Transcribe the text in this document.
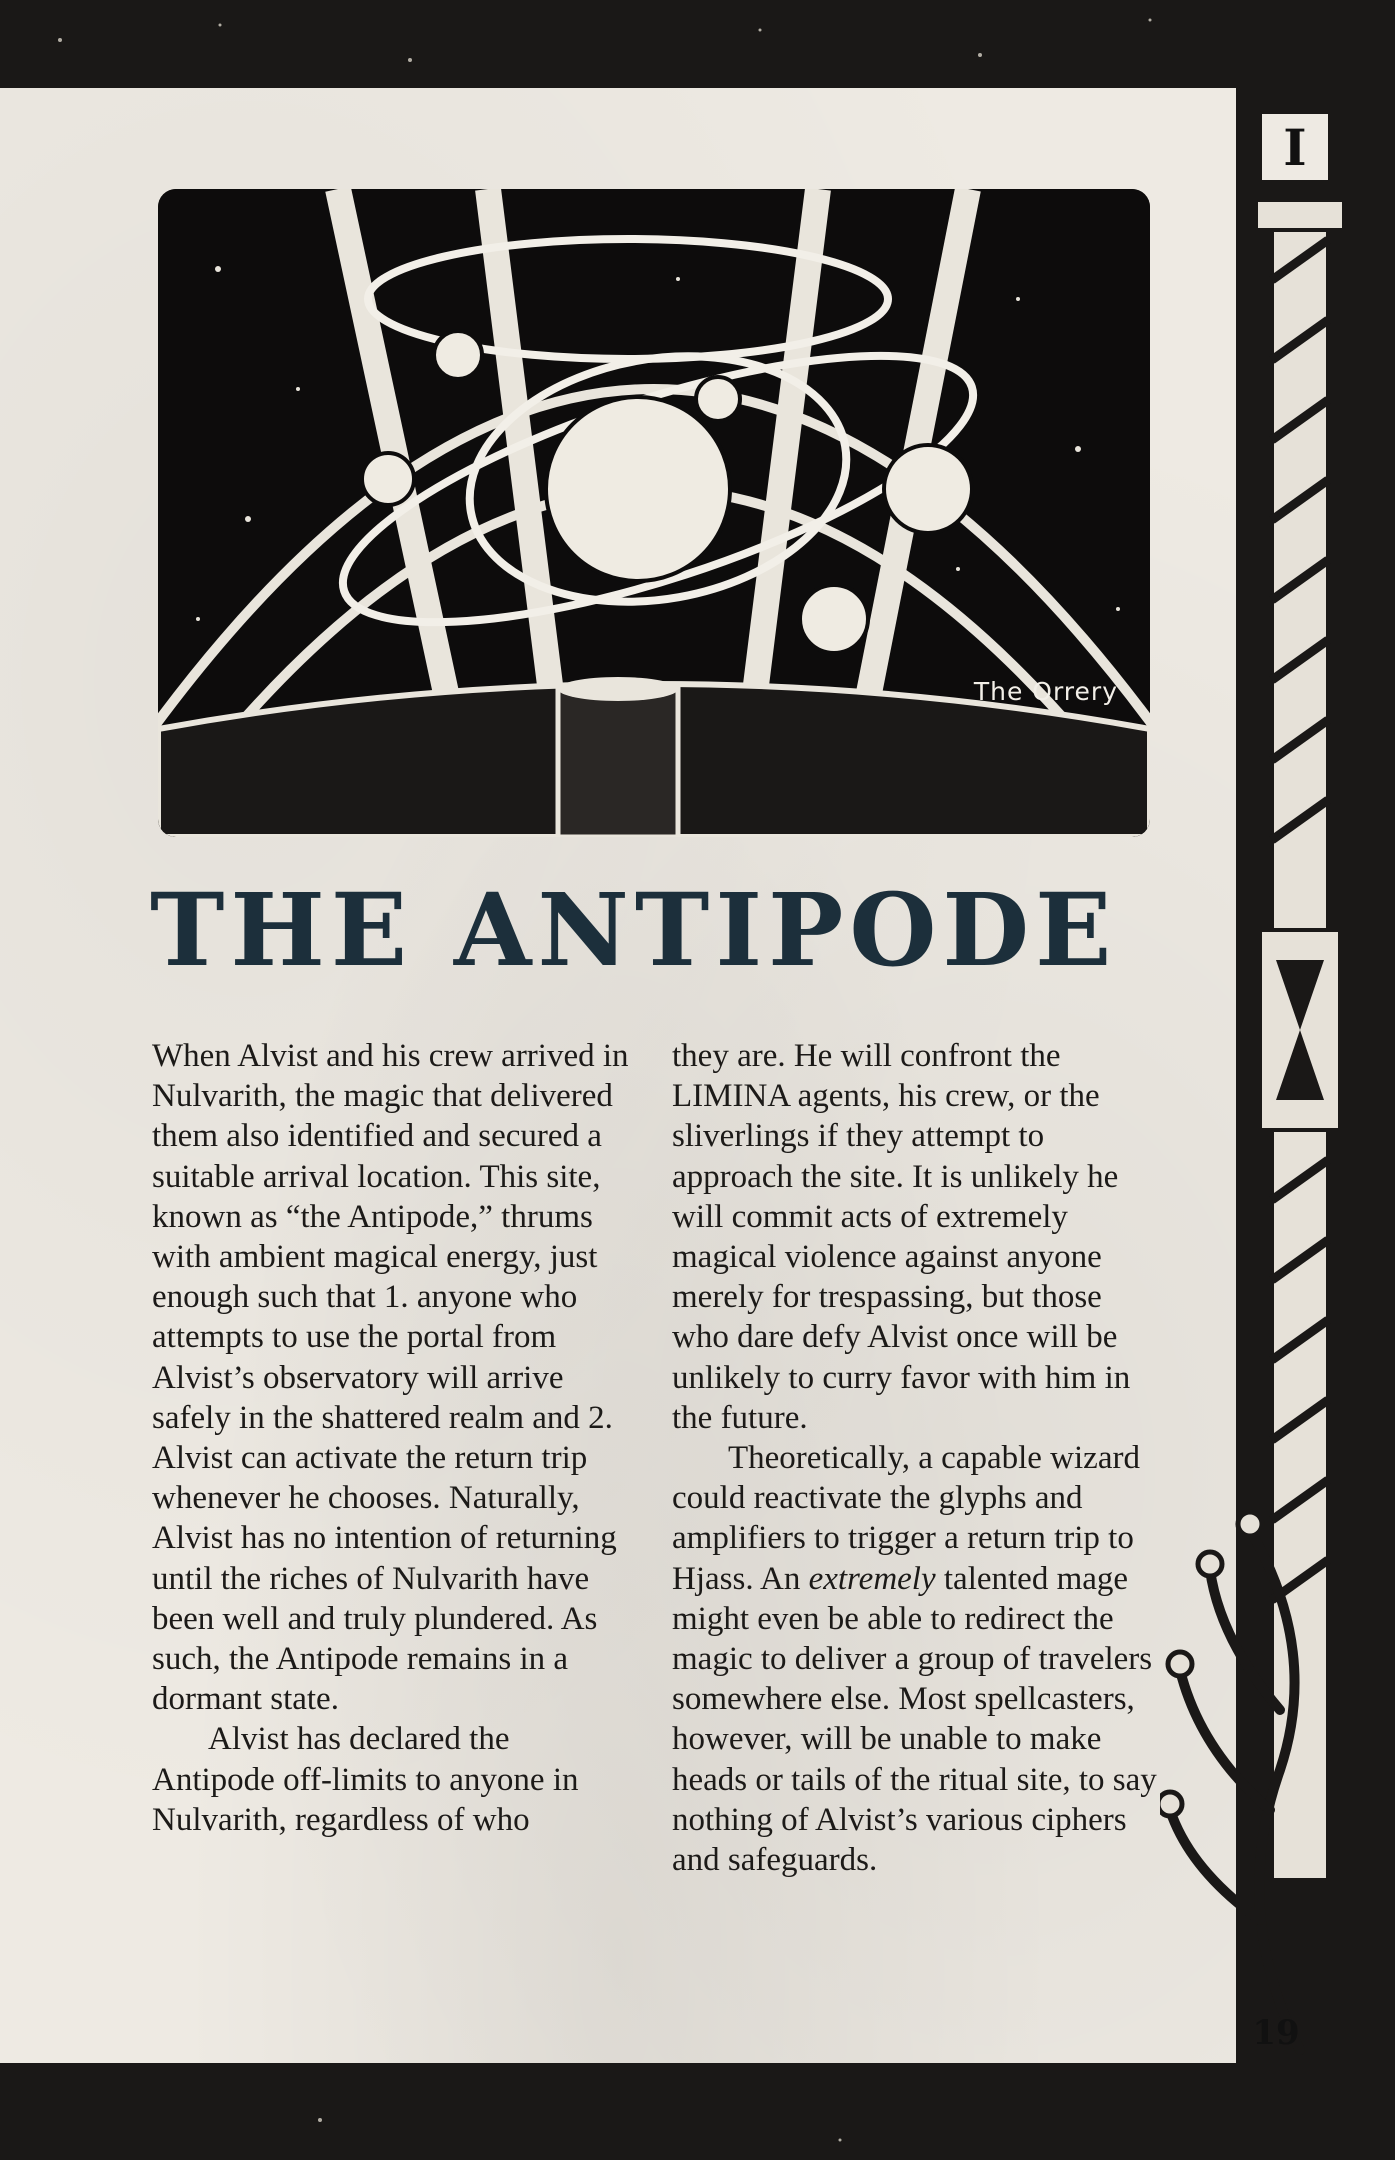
I
The Orrery
THE ANTIPODE

When Alvist and his crew arrived in Nulvarith, the magic that delivered them also identified and secured a suitable arrival location. This site, known as “the Antipode,” thrums with ambient magical energy, just enough such that 1. anyone who attempts to use the portal from Alvist’s observatory will arrive safely in the shattered realm and 2. Alvist can activate the return trip whenever he chooses. Naturally, Alvist has no intention of returning until the riches of Nulvarith have been well and truly plundered. As such, the Antipode remains in a dormant state.

Alvist has declared the Antipode off-limits to anyone in Nulvarith, regardless of who

they are. He will confront the LIMINA agents, his crew, or the sliverlings if they attempt to approach the site. It is unlikely he will commit acts of extremely magical violence against anyone merely for trespassing, but those who dare defy Alvist once will be unlikely to curry favor with him in the future.

Theoretically, a capable wizard could reactivate the glyphs and amplifiers to trigger a return trip to Hjass. An extremely talented mage might even be able to redirect the magic to deliver a group of travelers somewhere else. Most spellcasters, however, will be unable to make heads or tails of the ritual site, to say nothing of Alvist’s various ciphers and safeguards.

19
